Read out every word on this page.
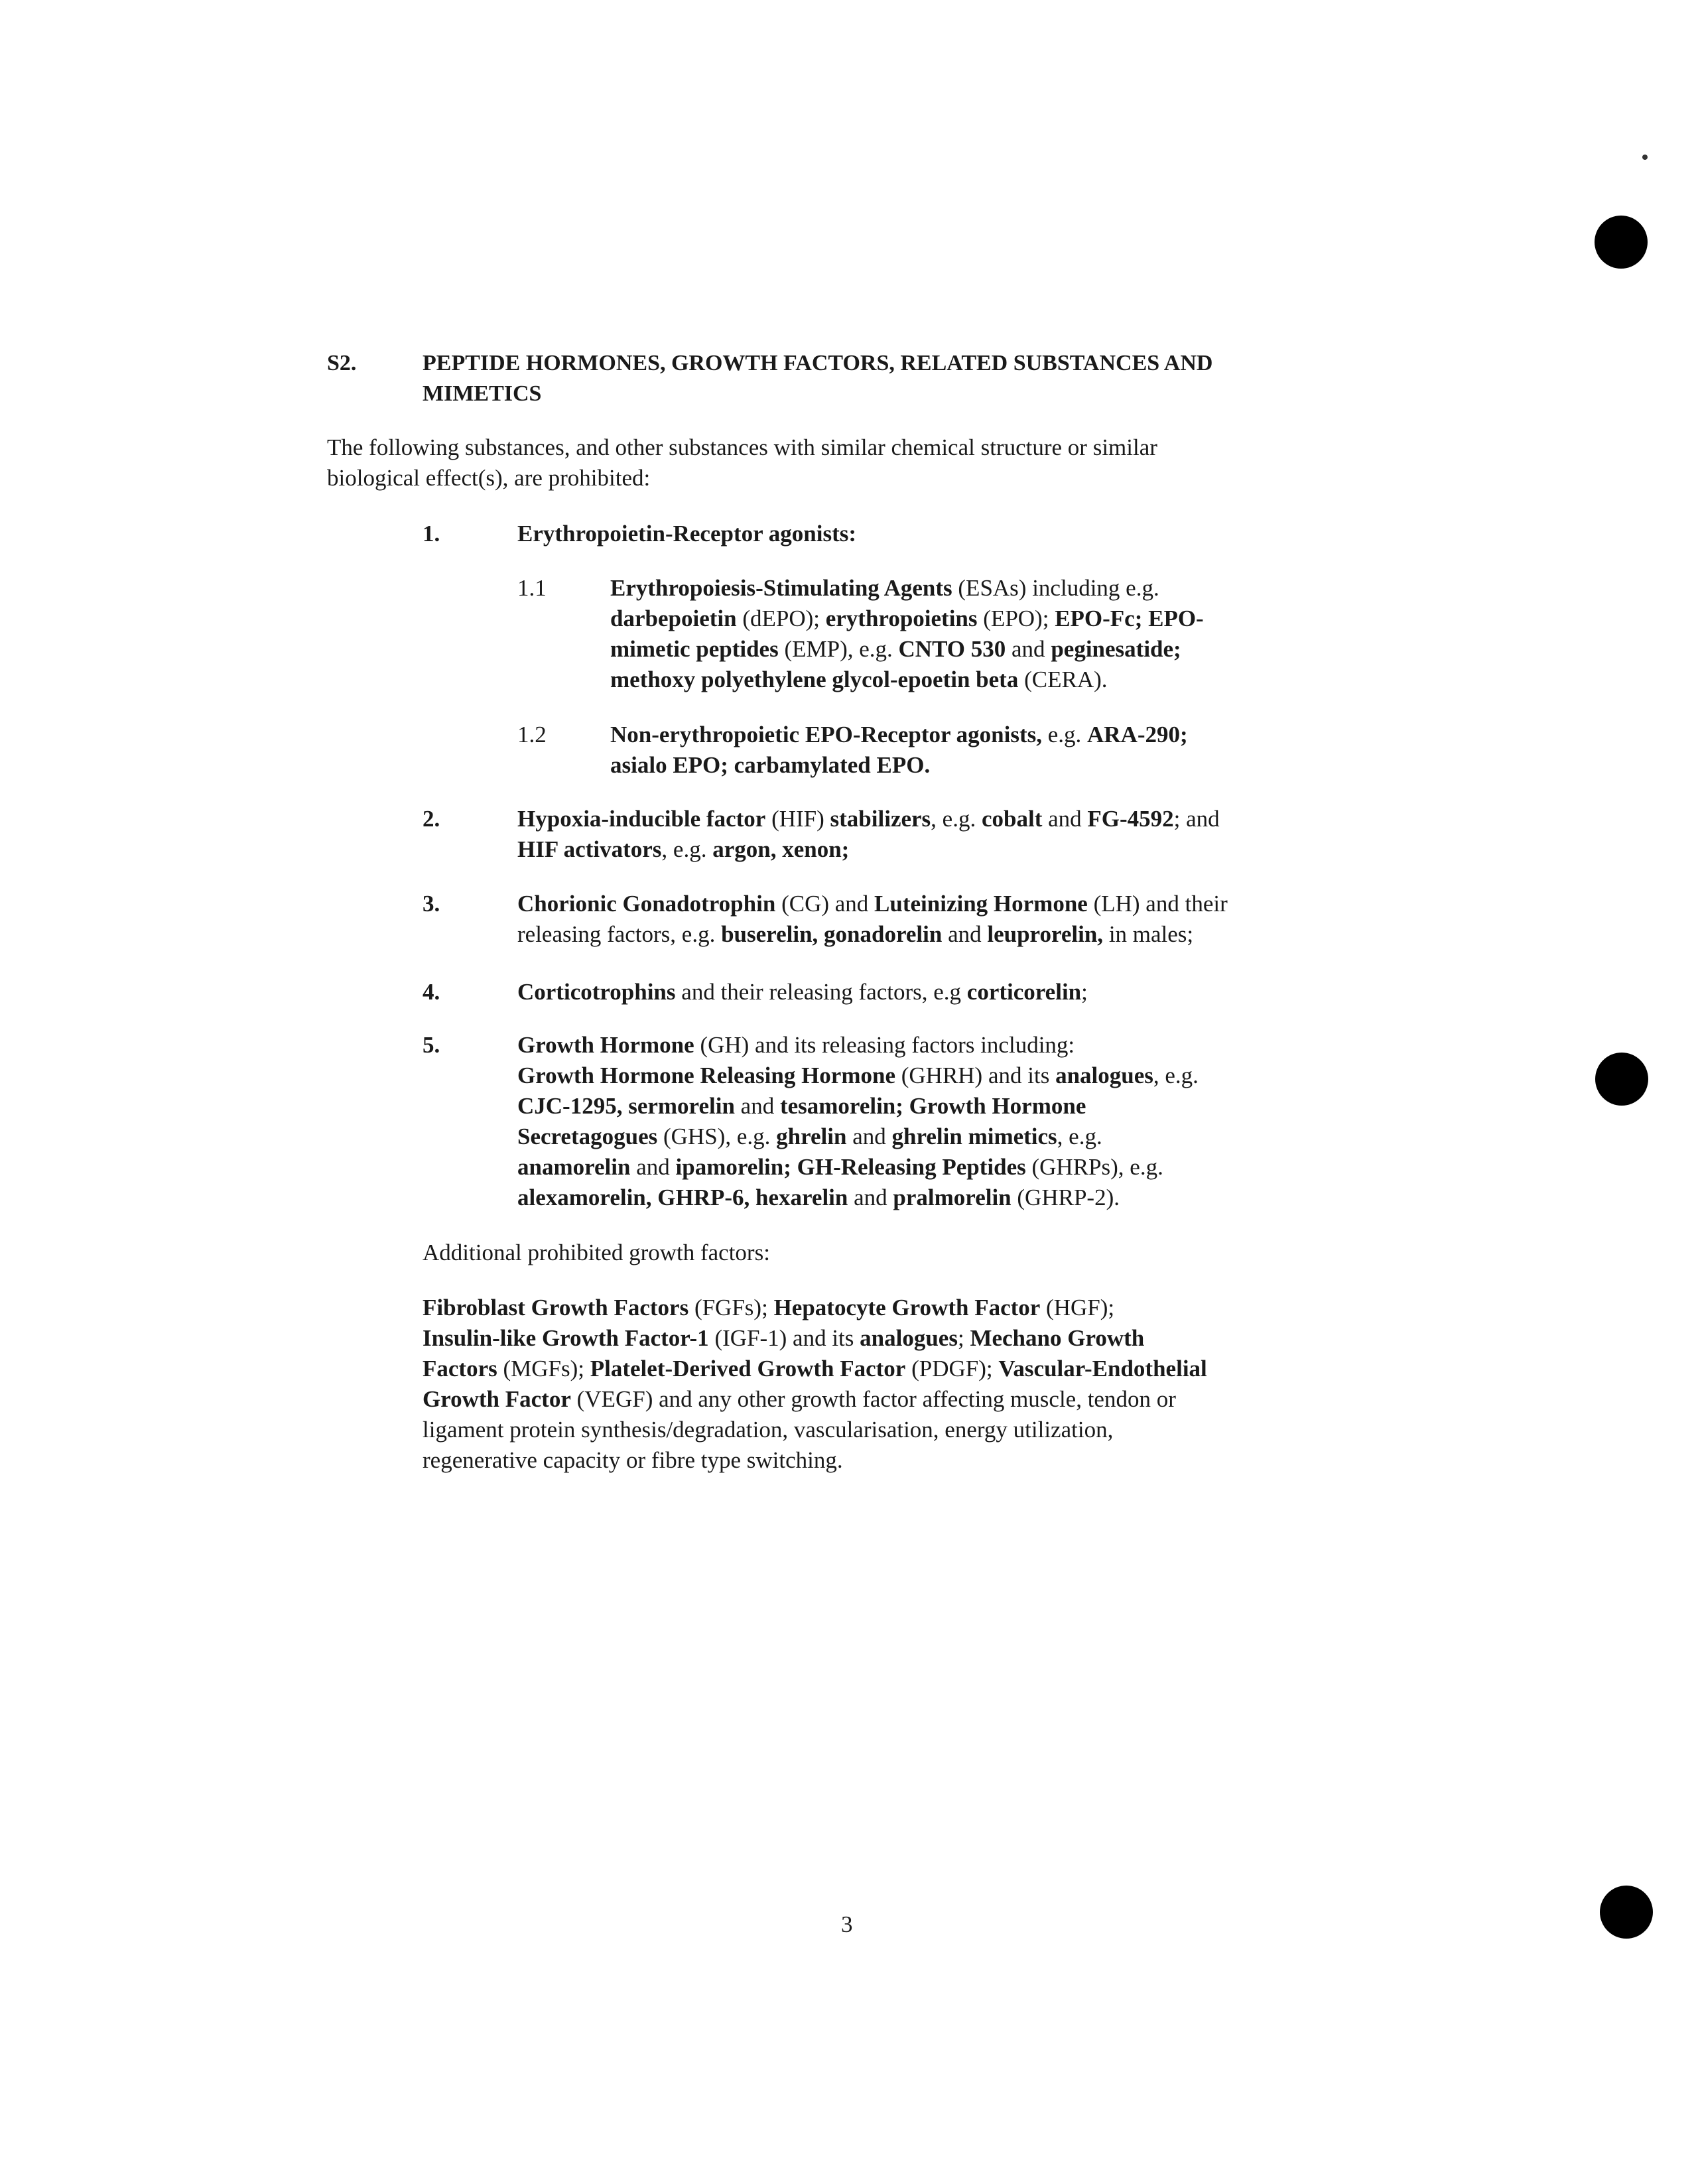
S2.	PEPTIDE HORMONES, GROWTH FACTORS, RELATED SUBSTANCES AND

MIMETICS

The following substances, and other substances with similar chemical structure or similar

biological effect(s), are prohibited:

1.	Erythropoietin-Receptor agonists:

1.1	Erythropoiesis-Stimulating Agents (ESAs) including e.g.

darbepoietin (dEPO); erythropoietins (EPO); EPO-Fc; EPO-

mimetic peptides (EMP), e.g. CNTO 530 and peginesatide;

methoxy polyethylene glycol-epoetin beta (CERA).

1.2	Non-erythropoietic EPO-Receptor agonists, e.g. ARA-290;

asialo EPO; carbamylated EPO.

2.	Hypoxia-inducible factor (HIF) stabilizers, e.g. cobalt and FG-4592; and

HIF activators, e.g. argon, xenon;

3.	Chorionic Gonadotrophin (CG) and Luteinizing Hormone (LH) and their

releasing factors, e.g. buserelin, gonadorelin and leuprorelin, in males;

4.	Corticotrophins and their releasing factors, e.g corticorelin;

5.	Growth Hormone (GH) and its releasing factors including:

Growth Hormone Releasing Hormone (GHRH) and its analogues, e.g.

CJC-1295, sermorelin and tesamorelin; Growth Hormone

Secretagogues (GHS), e.g. ghrelin and ghrelin mimetics, e.g.

anamorelin and ipamorelin; GH-Releasing Peptides (GHRPs), e.g.

alexamorelin, GHRP-6, hexarelin and pralmorelin (GHRP-2).

Additional prohibited growth factors:

Fibroblast Growth Factors (FGFs); Hepatocyte Growth Factor (HGF);

Insulin-like Growth Factor-1 (IGF-1) and its analogues; Mechano Growth

Factors (MGFs); Platelet-Derived Growth Factor (PDGF); Vascular-Endothelial

Growth Factor (VEGF) and any other growth factor affecting muscle, tendon or

ligament protein synthesis/degradation, vascularisation, energy utilization,

regenerative capacity or fibre type switching.

3
